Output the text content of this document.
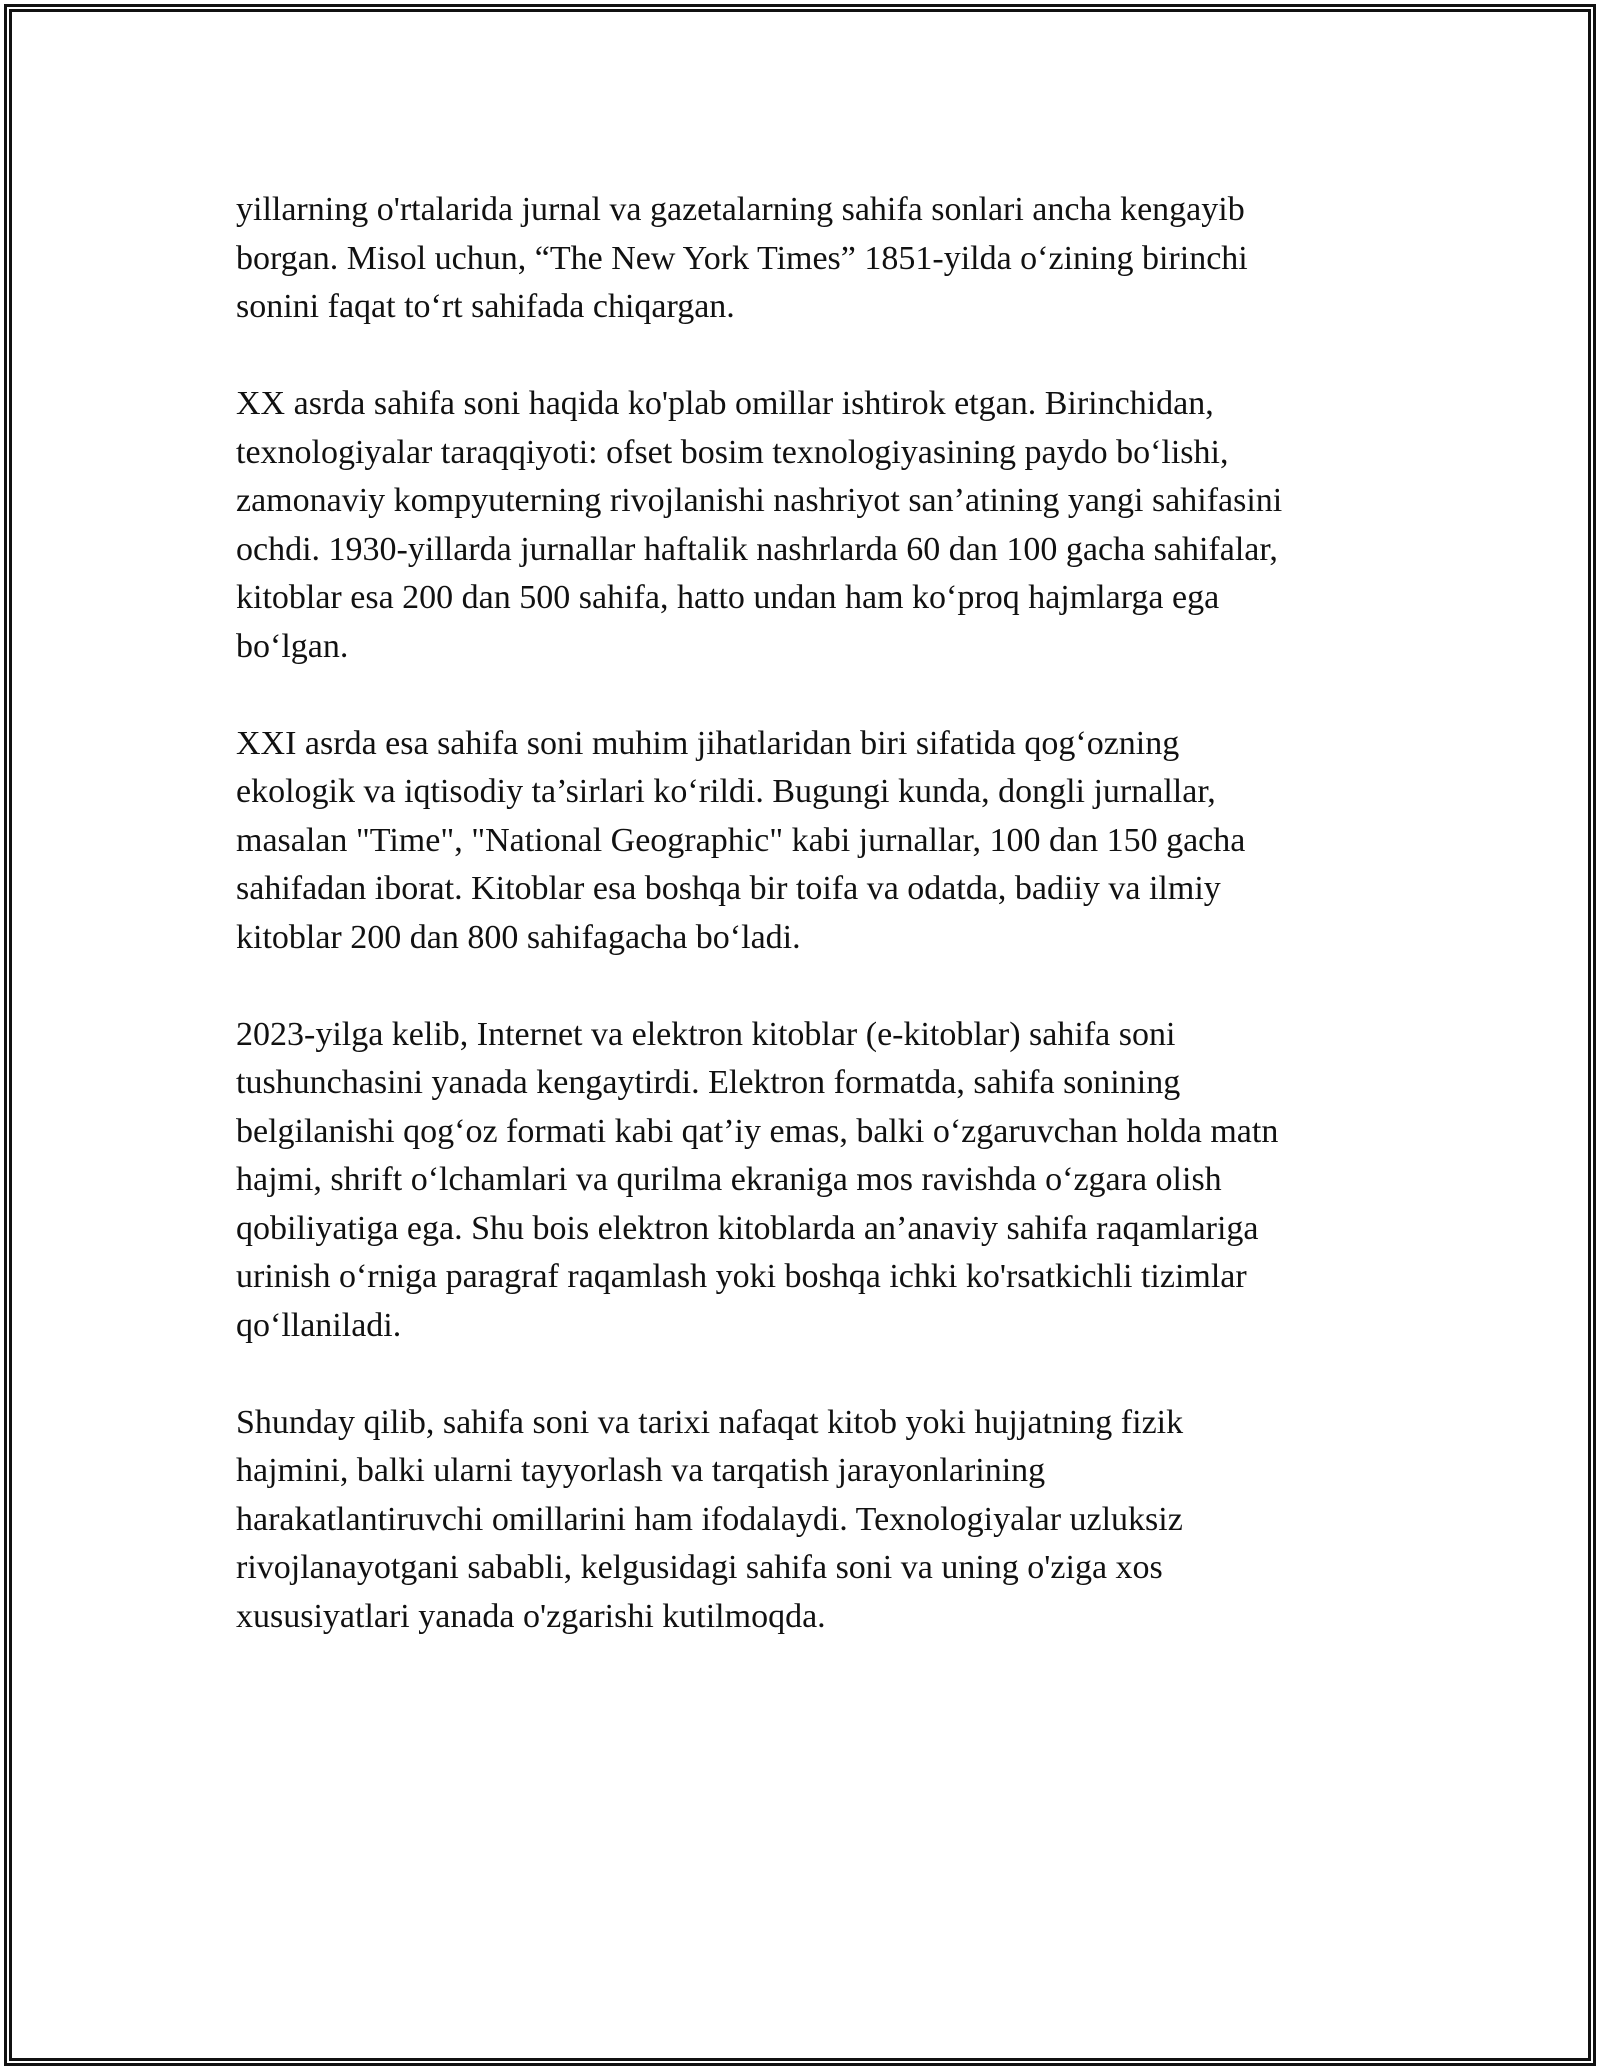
yillarning o'rtalarida jurnal va gazetalarning sahifa sonlari ancha kengayib
borgan. Misol uchun, “The New York Times” 1851-yilda o‘zining birinchi
sonini faqat to‘rt sahifada chiqargan.

XX asrda sahifa soni haqida ko'plab omillar ishtirok etgan. Birinchidan,
texnologiyalar taraqqiyoti: ofset bosim texnologiyasining paydo bo‘lishi,
zamonaviy kompyuterning rivojlanishi nashriyot san’atining yangi sahifasini
ochdi. 1930-yillarda jurnallar haftalik nashrlarda 60 dan 100 gacha sahifalar,
kitoblar esa 200 dan 500 sahifa, hatto undan ham ko‘proq hajmlarga ega
bo‘lgan.

XXI asrda esa sahifa soni muhim jihatlaridan biri sifatida qog‘ozning
ekologik va iqtisodiy ta’sirlari ko‘rildi. Bugungi kunda, dongli jurnallar,
masalan "Time", "National Geographic" kabi jurnallar, 100 dan 150 gacha
sahifadan iborat. Kitoblar esa boshqa bir toifa va odatda, badiiy va ilmiy
kitoblar 200 dan 800 sahifagacha bo‘ladi.

2023-yilga kelib, Internet va elektron kitoblar (e-kitoblar) sahifa soni
tushunchasini yanada kengaytirdi. Elektron formatda, sahifa sonining
belgilanishi qog‘oz formati kabi qat’iy emas, balki o‘zgaruvchan holda matn
hajmi, shrift o‘lchamlari va qurilma ekraniga mos ravishda o‘zgara olish
qobiliyatiga ega. Shu bois elektron kitoblarda an’anaviy sahifa raqamlariga
urinish o‘rniga paragraf raqamlash yoki boshqa ichki ko'rsatkichli tizimlar
qo‘llaniladi.

Shunday qilib, sahifa soni va tarixi nafaqat kitob yoki hujjatning fizik
hajmini, balki ularni tayyorlash va tarqatish jarayonlarining
harakatlantiruvchi omillarini ham ifodalaydi. Texnologiyalar uzluksiz
rivojlanayotgani sababli, kelgusidagi sahifa soni va uning o'ziga xos
xususiyatlari yanada o'zgarishi kutilmoqda.
